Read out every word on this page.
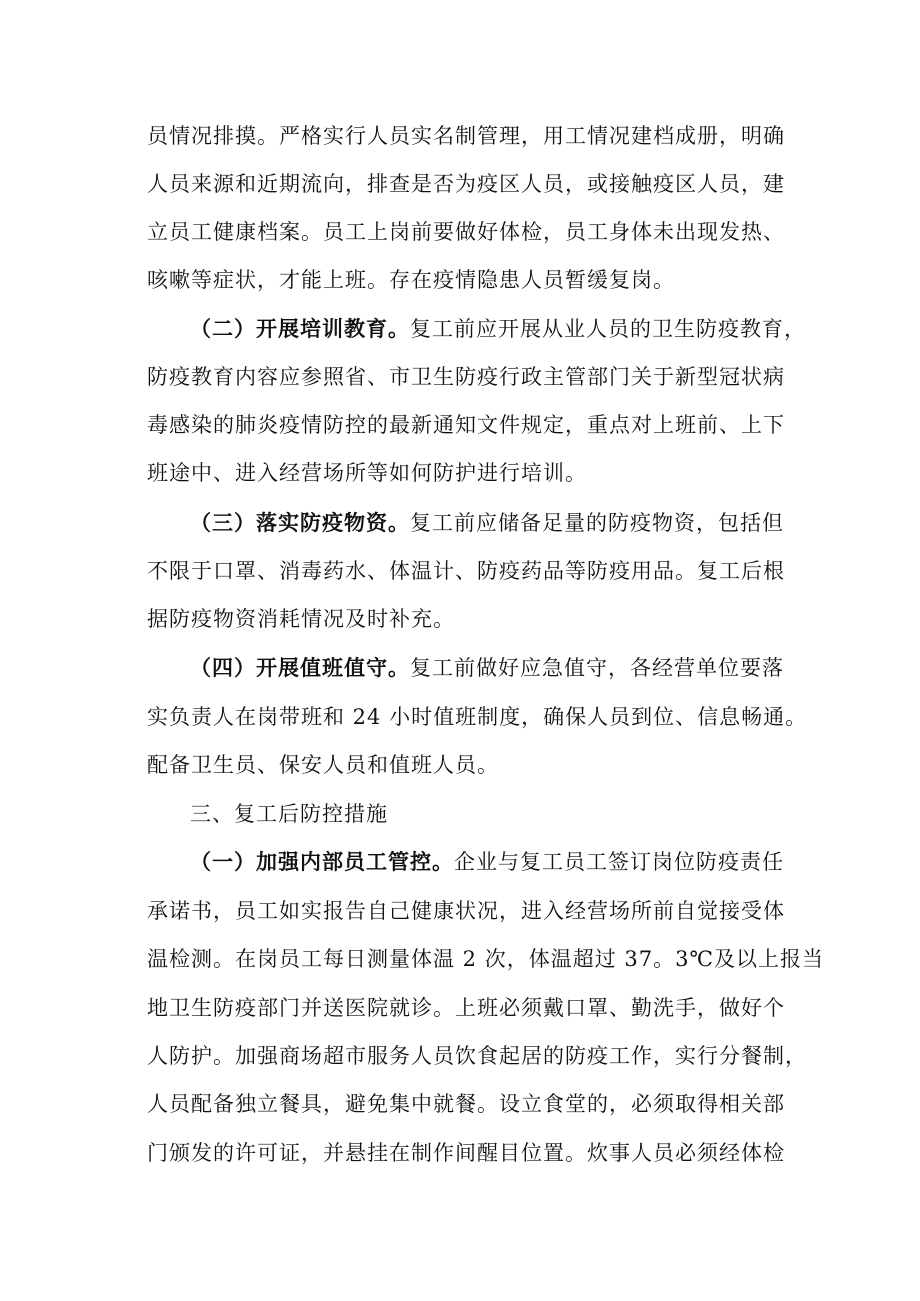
员情况排摸。严格实行人员实名制管理，用工情况建档成册，明确
人员来源和近期流向，排查是否为疫区人员，或接触疫区人员，建
立员工健康档案。员工上岗前要做好体检，员工身体未出现发热、
咳嗽等症状，才能上班。存在疫情隐患人员暂缓复岗。
（二）开展培训教育。复工前应开展从业人员的卫生防疫教育，
防疫教育内容应参照省、市卫生防疫行政主管部门关于新型冠状病
毒感染的肺炎疫情防控的最新通知文件规定，重点对上班前、上下
班途中、进入经营场所等如何防护进行培训。
（三）落实防疫物资。复工前应储备足量的防疫物资，包括但
不限于口罩、消毒药水、体温计、防疫药品等防疫用品。复工后根
据防疫物资消耗情况及时补充。
（四）开展值班值守。复工前做好应急值守，各经营单位要落
实负责人在岗带班和 24 小时值班制度，确保人员到位、信息畅通。
配备卫生员、保安人员和值班人员。
三、复工后防控措施
（一）加强内部员工管控。企业与复工员工签订岗位防疫责任
承诺书，员工如实报告自己健康状况，进入经营场所前自觉接受体
温检测。在岗员工每日测量体温 2 次，体温超过 37。3℃及以上报当
地卫生防疫部门并送医院就诊。上班必须戴口罩、勤洗手，做好个
人防护。加强商场超市服务人员饮食起居的防疫工作，实行分餐制，
人员配备独立餐具，避免集中就餐。设立食堂的，必须取得相关部
门颁发的许可证，并悬挂在制作间醒目位置。炊事人员必须经体检
